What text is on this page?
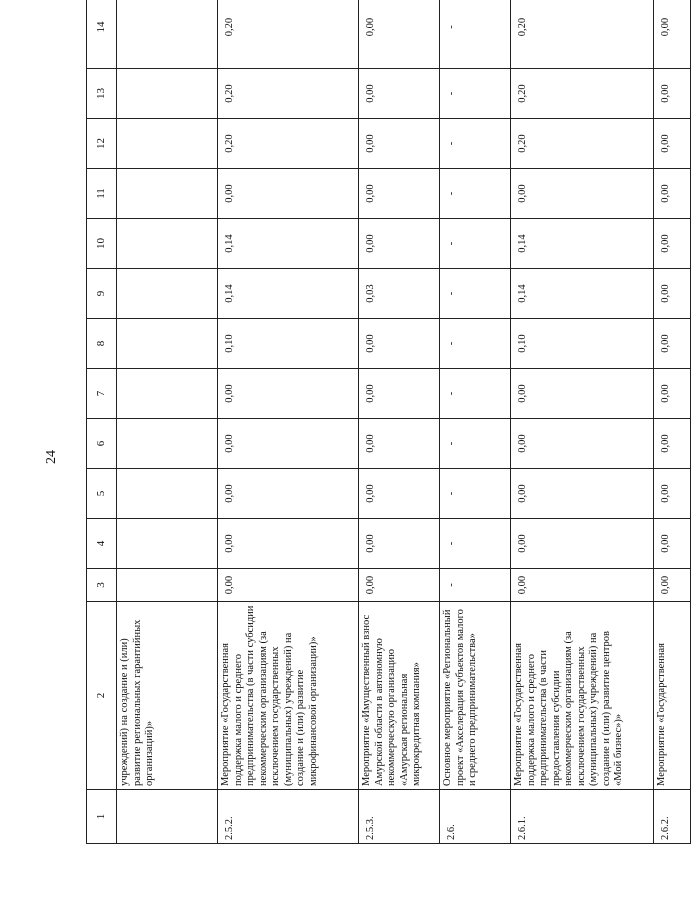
24
1	2	3	4	5	6	7	8	9	10	11	12	13	14
	учреждений) на создание и (или) развитие региональных гарантийных организаций)»												
2.5.2.	Мероприятие «Государственная поддержка малого и среднего предпринимательства (в части субсидии некоммерческим организациям (за исключением государственных (муниципальных) учреждений) на создание и (или) развитие микрофинансовой организации)»	0,00	0,00	0,00	0,00	0,00	0,10	0,14	0,14	0,00	0,20	0,20	0,20
2.5.3.	Мероприятие «Имущественный взнос Амурской области в автономную некоммерческую организацию «Амурская региональная микрокредитная компания»	0,00	0,00	0,00	0,00	0,00	0,00	0,03	0,00	0,00	0,00	0,00	0,00
2.6.	Основное мероприятие «Региональный проект «Акселерация субъектов малого и среднего предпринимательства»	-	-	-	-	-	-	-	-	-	-	-	-
2.6.1.	Мероприятие «Государственная поддержка малого и среднего предпринимательства (в части предоставления субсидии некоммерческим организациям (за исключением государственных (муниципальных) учреждений) на создание и (или) развитие центров «Мой бизнес»)»	0,00	0,00	0,00	0,00	0,00	0,10	0,14	0,14	0,00	0,20	0,20	0,20
2.6.2.	Мероприятие «Государственная	0,00	0,00	0,00	0,00	0,00	0,00	0,00	0,00	0,00	0,00	0,00	0,00
